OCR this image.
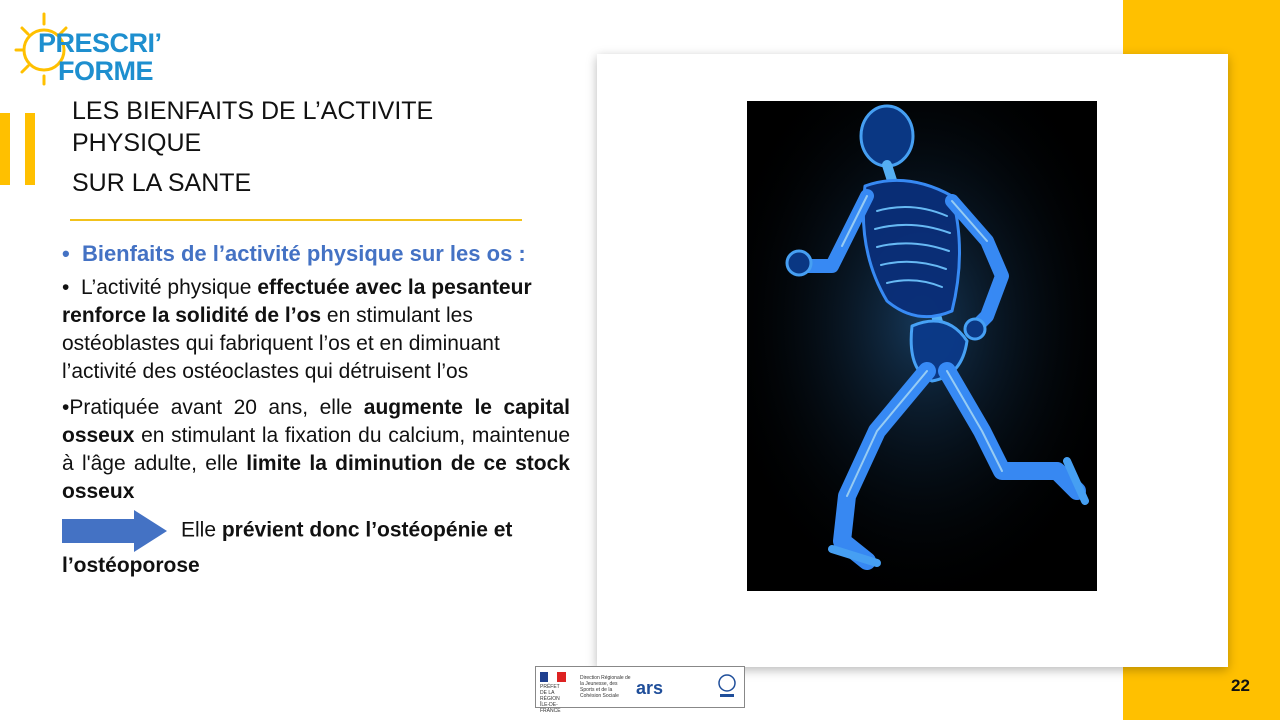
PRESCRI’
FORME
LES BIENFAITS DE L’ACTIVITE
PHYSIQUE
SUR LA SANTE

• Bienfaits de l’activité physique sur les os :

• L’activité physique effectuée avec la pesanteur renforce la solidité de l’os en stimulant les ostéoblastes qui fabriquent l’os et en diminuant l’activité des ostéoclastes qui détruisent l’os

•Pratiquée avant 20 ans, elle augmente le capital osseux en stimulant la fixation du calcium, maintenue à l'âge adulte, elle limite la diminution de ce stock osseux

Elle prévient donc l’ostéopénie et l’ostéoporose

PRÉFET DE LA RÉGION ÎLE-DE-FRANCE
Direction Régionale de la Jeunesse, des Sports et de la Cohésion Sociale ars	22
